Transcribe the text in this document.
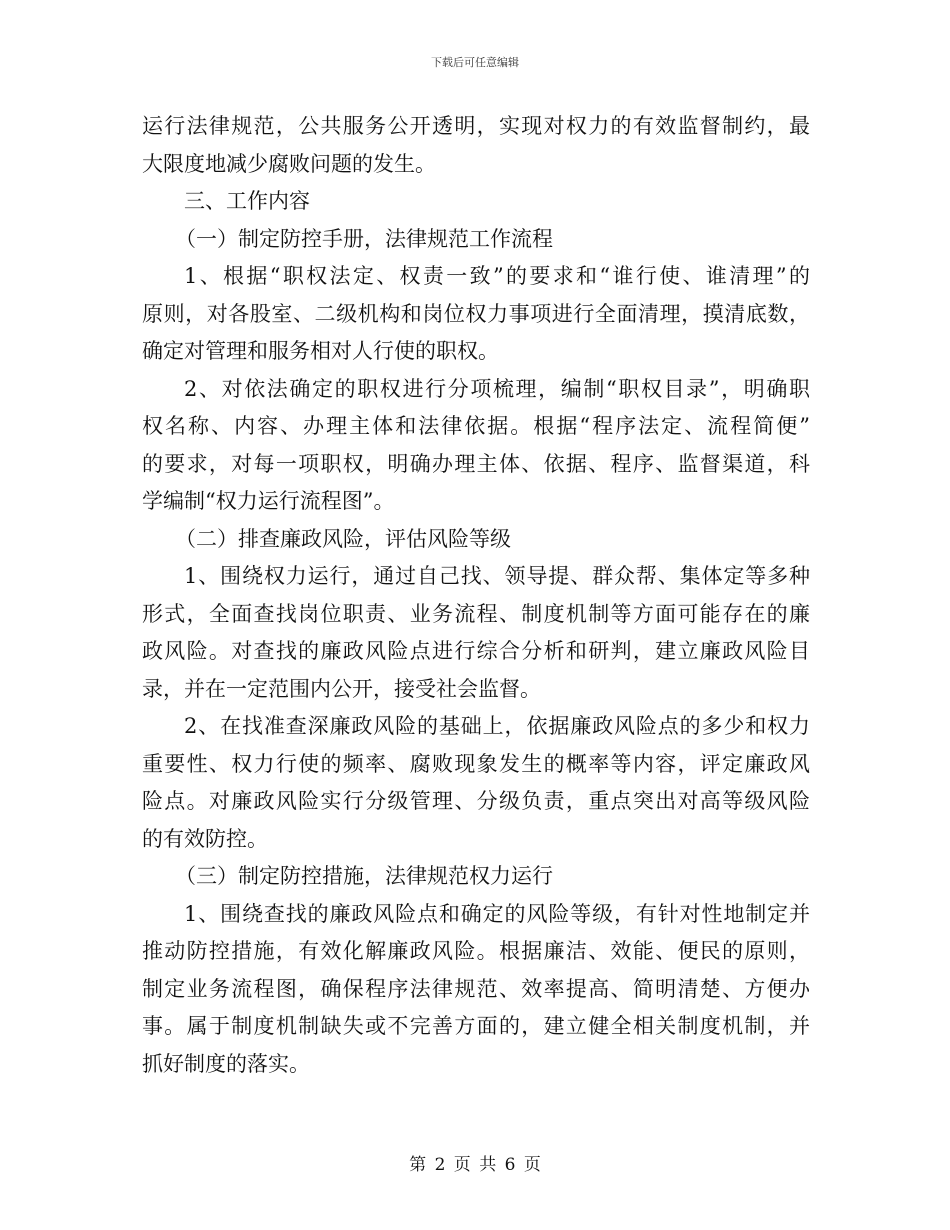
下载后可任意编辑
运行法律规范，公共服务公开透明，实现对权力的有效监督制约，最
大限度地减少腐败问题的发生。
三、工作内容
（一）制定防控手册，法律规范工作流程
1、根据“职权法定、权责一致”的要求和“谁行使、谁清理”的
原则，对各股室、二级机构和岗位权力事项进行全面清理，摸清底数，
确定对管理和服务相对人行使的职权。
2、对依法确定的职权进行分项梳理，编制“职权目录”，明确职
权名称、内容、办理主体和法律依据。根据“程序法定、流程简便”
的要求，对每一项职权，明确办理主体、依据、程序、监督渠道，科
学编制“权力运行流程图”。
（二）排查廉政风险，评估风险等级
1、围绕权力运行，通过自己找、领导提、群众帮、集体定等多种
形式，全面查找岗位职责、业务流程、制度机制等方面可能存在的廉
政风险。对查找的廉政风险点进行综合分析和研判，建立廉政风险目
录，并在一定范围内公开，接受社会监督。
2、在找准查深廉政风险的基础上，依据廉政风险点的多少和权力
重要性、权力行使的频率、腐败现象发生的概率等内容，评定廉政风
险点。对廉政风险实行分级管理、分级负责，重点突出对高等级风险
的有效防控。
（三）制定防控措施，法律规范权力运行
1、围绕查找的廉政风险点和确定的风险等级，有针对性地制定并
推动防控措施，有效化解廉政风险。根据廉洁、效能、便民的原则，
制定业务流程图，确保程序法律规范、效率提高、简明清楚、方便办
事。属于制度机制缺失或不完善方面的，建立健全相关制度机制，并
抓好制度的落实。
第 2 页 共 6 页
